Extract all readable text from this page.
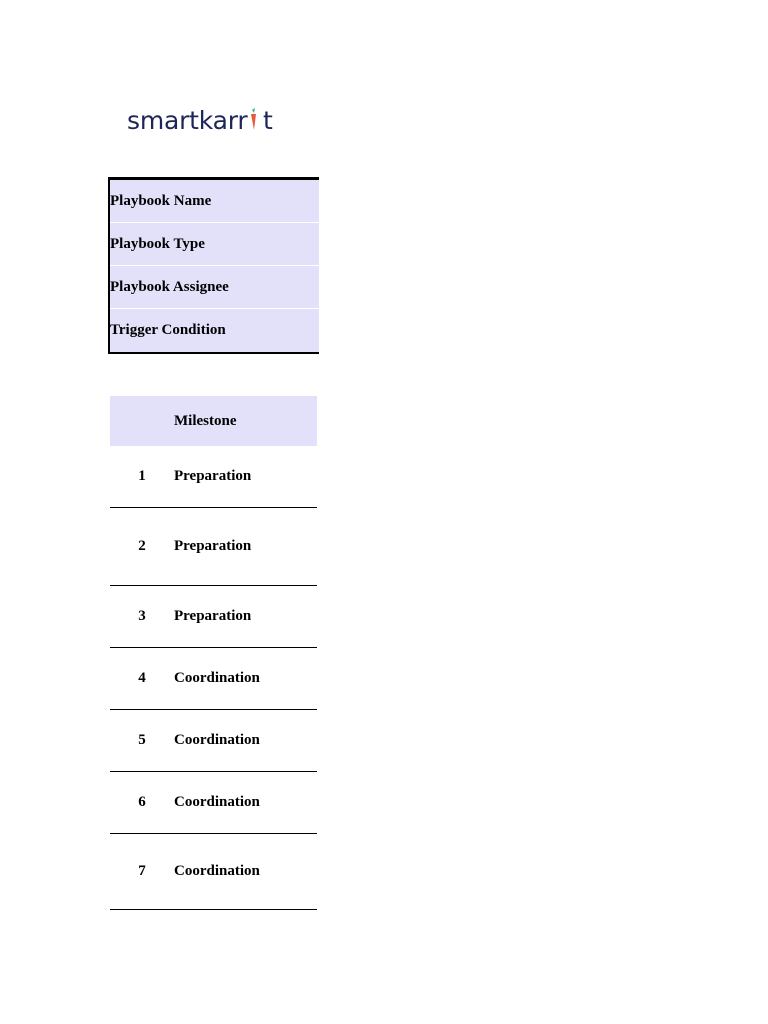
smartkarr t
Playbook Name
Playbook Type
Playbook Assignee
Trigger Condition
Milestone
1	Preparation
2	Preparation
3	Preparation
4	Coordination
5	Coordination
6	Coordination
7	Coordination
